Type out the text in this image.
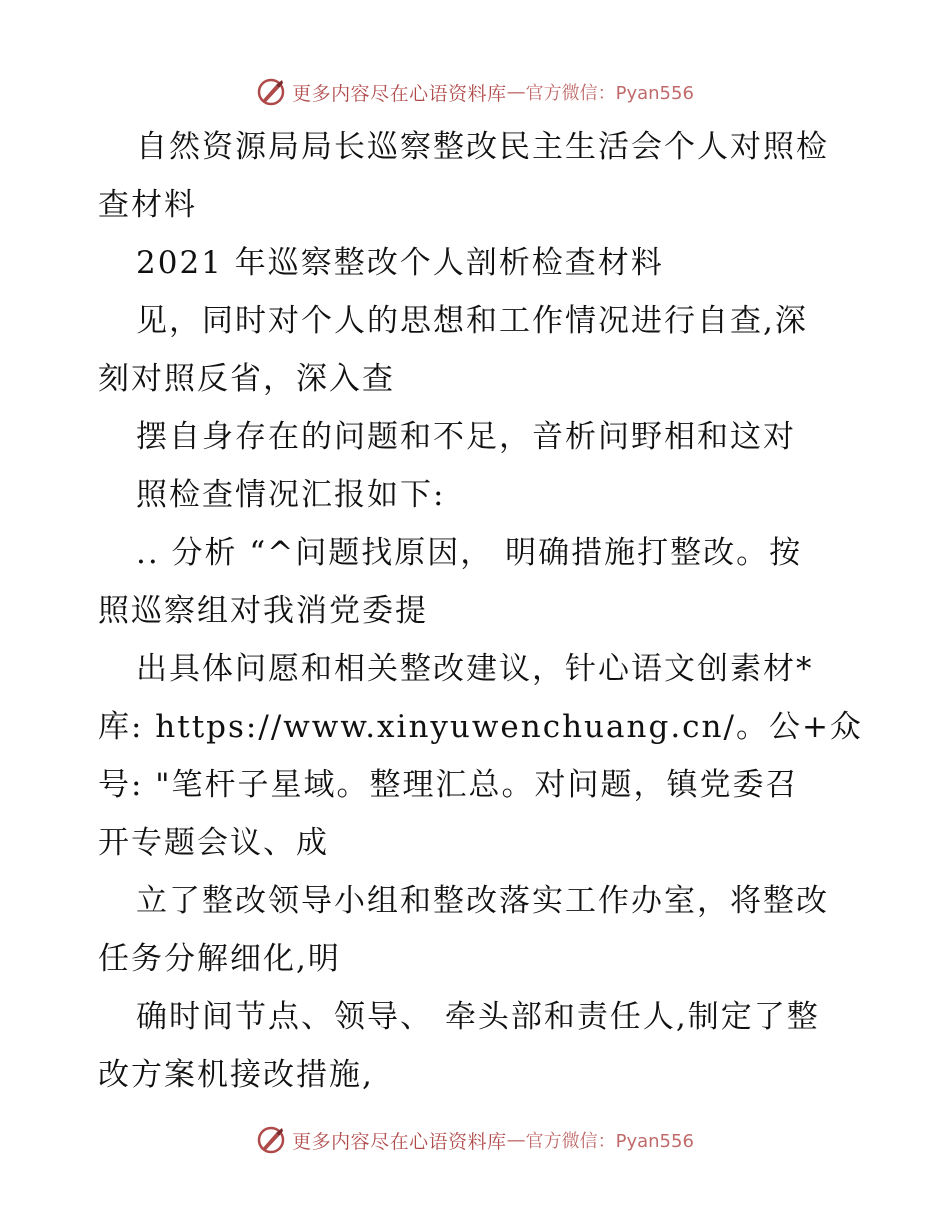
更多内容尽在心语资料库 — 官方微信：Pyan556
自然资源局局长巡察整改民主生活会个人对照检
查材料
2021 年巡察整改个人剖析检查材料
见，同时对个人的思想和工作情况进行自查,深
刻对照反省，深入查
摆自身存在的问题和不足，音析问野相和这对
照检查情况汇报如下:
.. 分析 “^问题找原因， 明确措施打整改。按
照巡察组对我消党委提
出具体问愿和相关整改建议，针心语文创素材*
库: https://www.xinyuwenchuang.cn/。公+众
号: "笔杆子星域。整理汇总。对问题，镇党委召
开专题会议、成
立了整改领导小组和整改落实工作办室，将整改
任务分解细化,明
确时间节点、领导、 牵头部和责任人,制定了整
改方案机接改措施,
更多内容尽在心语资料库 — 官方微信：Pyan556
